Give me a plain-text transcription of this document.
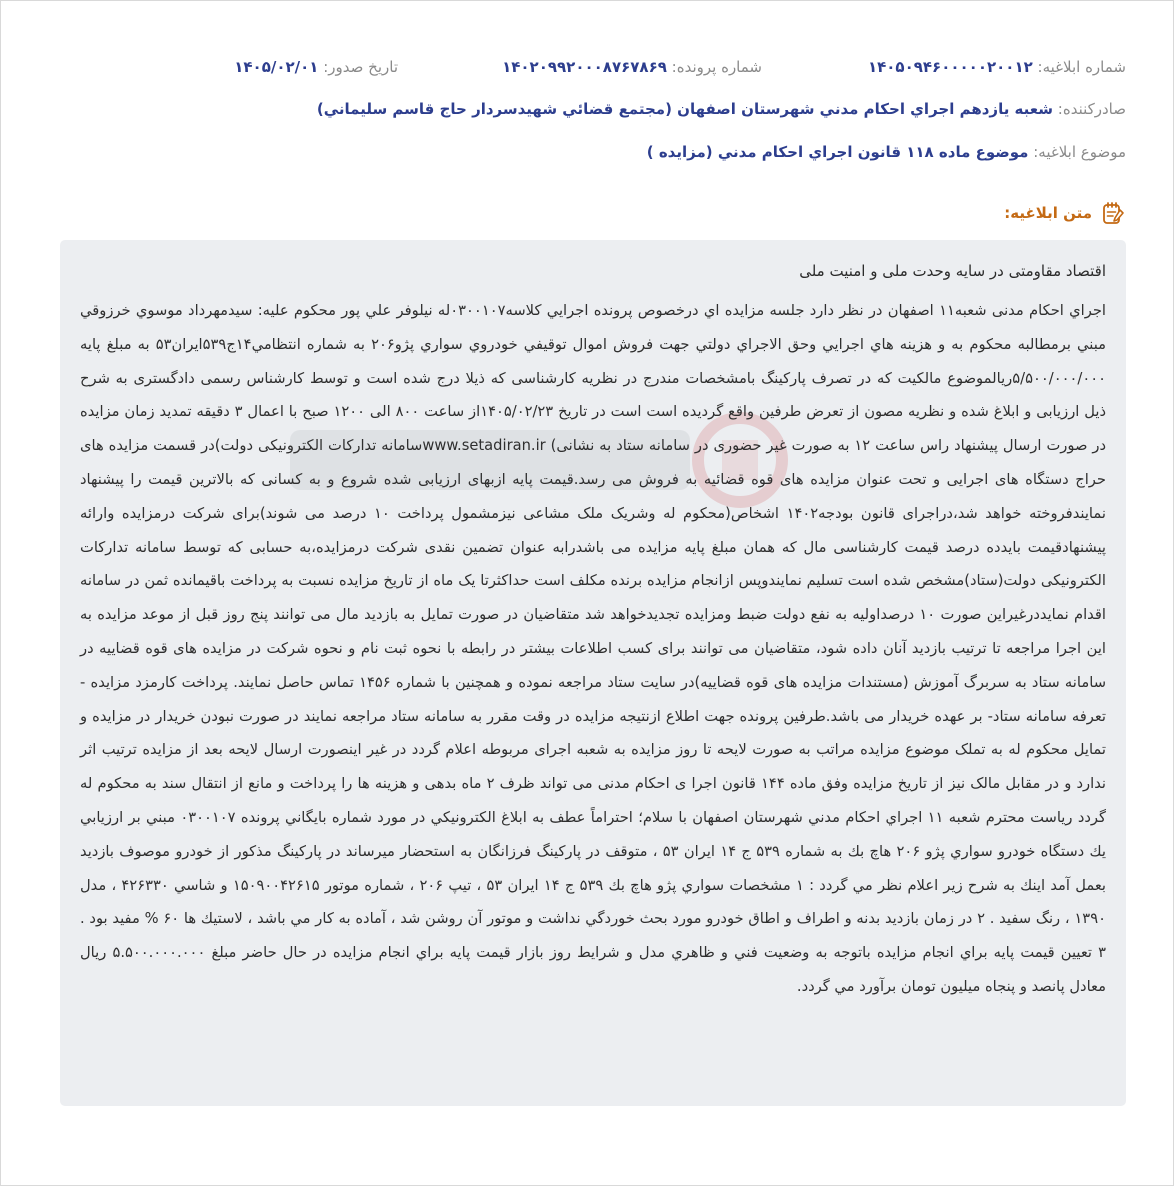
شماره ابلاغيه: ۱۴۰۵۰۹۴۶۰۰۰۰۰۲۰۰۱۲
شماره پرونده: ۱۴۰۲۰۹۹۲۰۰۰۸۷۶۷۸۶۹
تاريخ صدور: ۱۴۰۵/۰۲/۰۱
صادرکننده: شعبه يازدهم اجراي احکام مدني شهرستان اصفهان (مجتمع قضائي شهيدسردار حاج قاسم سليماني)
موضوع ابلاغيه: موضوع ماده ۱۱۸ قانون اجراي احکام مدني (مزايده )
متن ابلاغيه:

اقتصاد مقاومتی در سایه وحدت ملی و امنیت ملی

اجراي احکام مدنی شعبه۱۱ اصفهان در نظر دارد جلسه مزايده اي درخصوص پرونده اجرايي کلاسه۰۳۰۰۱۰۷له نيلوفر علي پور محکوم عليه: سيدمهرداد موسوي خرزوقي مبني برمطالبه محکوم به و هزينه هاي اجرايي وحق الاجراي دولتي جهت فروش اموال توقيفي خودروي سواري پژو۲۰۶ به شماره انتظامي۱۴ج۵۳۹ايران۵۳ به مبلغ پايه ۵/۵۰۰/۰۰۰/۰۰۰ريالموضوع مالکيت که در تصرف پارکينگ بامشخصات مندرج در نظريه کارشناسی که ذيلا درج شده است و توسط کارشناس رسمی دادگستری به شرح ذيل ارزيابی و ابلاغ شده و نظريه مصون از تعرض طرفين واقع گرديده است است در تاريخ ۱۴۰۵/۰۲/۲۳از ساعت ۸۰۰ الی ۱۲۰۰ صبح با اعمال ۳ دقيقه تمديد زمان مزايده در صورت ارسال پيشنهاد راس ساعت ۱۲ به صورت غير حضوری در سامانه ستاد به نشانی) www.setadiran.irسامانه تدارکات الکترونيکی دولت)در قسمت مزايده های حراج دستگاه های اجرايی و تحت عنوان مزايده های قوه قضائيه به فروش می رسد.قيمت پايه ازبهای ارزيابی شده شروع و به کسانی که بالاترين قيمت را پيشنهاد نمايندفروخته خواهد شد،دراجرای قانون بودجه۱۴۰۲ اشخاص(محکوم له وشريک ملک مشاعی نيزمشمول پرداخت ۱۰ درصد می شوند)برای شرکت درمزايده وارائه پيشنهادقيمت بايدده درصد قيمت کارشناسی مال که همان مبلغ پايه مزايده می باشدرابه عنوان تضمين نقدی شرکت درمزايده،به حسابی که توسط سامانه تدارکات الکترونيکی دولت(ستاد)مشخص شده است تسليم نمايندوپس ازانجام مزايده برنده مکلف است حداکثرتا يک ماه از تاريخ مزايده نسبت به پرداخت باقيمانده ثمن در سامانه اقدام نمايددرغيراين صورت ۱۰ درصداوليه به نفع دولت ضبط ومزايده تجديدخواهد شد متقاضيان در صورت تمايل به بازديد مال می توانند پنج روز قبل از موعد مزايده به اين اجرا مراجعه تا ترتيب بازديد آنان داده شود، متقاضيان می توانند برای کسب اطلاعات بيشتر در رابطه با نحوه ثبت نام و نحوه شرکت در مزايده های قوه قضاييه در سامانه ستاد به سربرگ آموزش (مستندات مزايده های قوه قضاييه)در سايت ستاد مراجعه نموده و همچنين با شماره ۱۴۵۶ تماس حاصل نمايند. پرداخت کارمزد مزايده - تعرفه سامانه ستاد- بر عهده خريدار می باشد.طرفين پرونده جهت اطلاع ازنتيجه مزايده در وقت مقرر به سامانه ستاد مراجعه نمايند در صورت نبودن خريدار در مزايده و تمايل محکوم له به تملک موضوع مزايده مراتب به صورت لايحه تا روز مزايده به شعبه اجرای مربوطه اعلام گردد در غير اينصورت ارسال لايحه بعد از مزايده ترتيب اثر ندارد و در مقابل مالک نيز از تاريخ مزايده وفق ماده ۱۴۴ قانون اجرا ی احکام مدنی می تواند ظرف ۲ ماه بدهی و هزينه ها را پرداخت و مانع از انتقال سند به محکوم له گردد رياست محترم شعبه ۱۱ اجراي احکام مدني شهرستان اصفهان با سلام؛ احتراماً عطف به ابلاغ الکترونيکي در مورد شماره بايگاني پرونده ۰۳۰۰۱۰۷ مبني بر ارزيابي يك دستگاه خودرو سواري پژو ۲۰۶ هاچ بك به شماره ۵۳۹ ج ۱۴ ايران ۵۳ ، متوقف در پارکينگ فرزانگان به استحضار ميرساند در پارکينگ مذکور از خودرو موصوف بازديد بعمل آمد اينك به شرح زير اعلام نظر مي گردد : ۱ مشخصات سواري پژو هاچ بك ۵۳۹ ج ۱۴ ايران ۵۳ ، تيپ ۲۰۶ ، شماره موتور ۱۵۰۹۰۰۴۲۶۱۵ و شاسي ۴۲۶۳۳۰ ، مدل ۱۳۹۰ ، رنگ سفيد . ۲ در زمان بازديد بدنه و اطراف و اطاق خودرو مورد بحث خوردگي نداشت و موتور آن روشن شد ، آماده به کار مي باشد ، لاستيك ها ۶۰ % مفيد بود . ۳ تعيين قيمت پايه براي انجام مزايده باتوجه به وضعيت فني و ظاهري مدل و شرايط روز بازار قيمت پايه براي انجام مزايده در حال حاضر مبلغ ۵.۵۰۰.۰۰۰.۰۰۰ ريال معادل پانصد و پنجاه ميليون تومان برآورد مي گردد.
